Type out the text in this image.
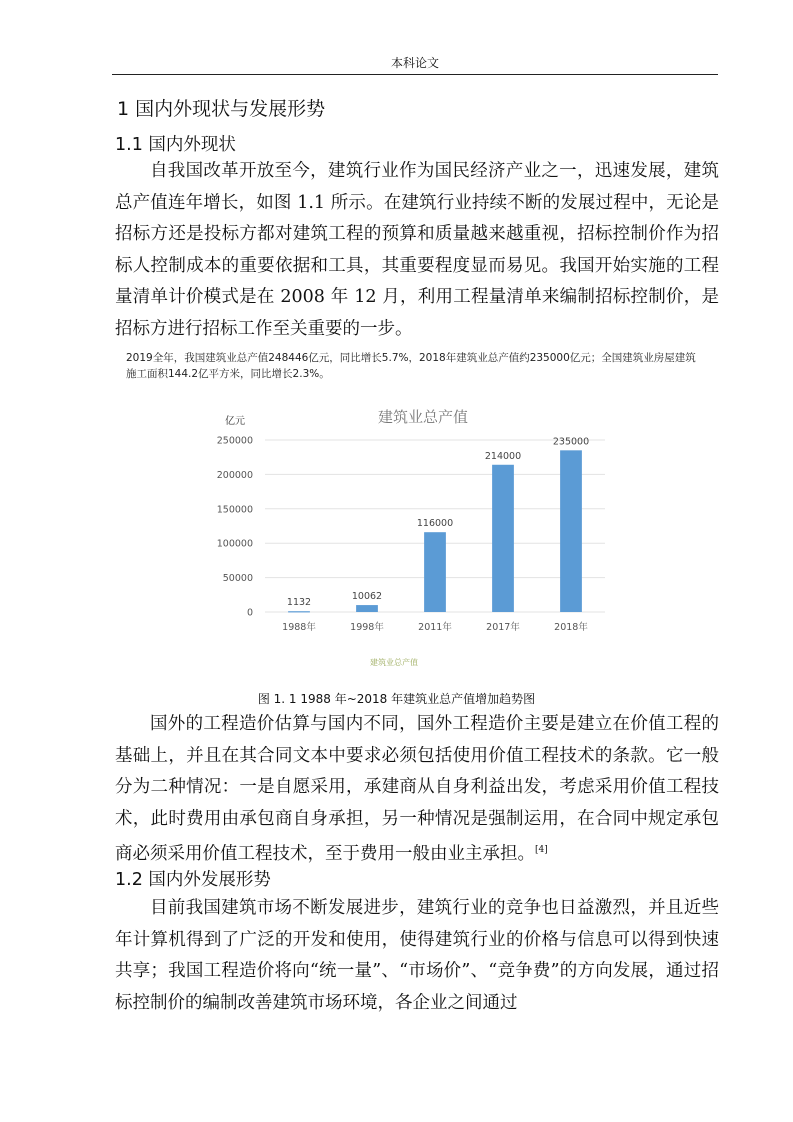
本科论文
1 国内外现状与发展形势
1.1 国内外现状

自我国改革开放至今，建筑行业作为国民经济产业之一，迅速发展，建筑总产值连年增长，如图 1.1 所示。在建筑行业持续不断的发展过程中，无论是招标方还是投标方都对建筑工程的预算和质量越来越重视，招标控制价作为招标人控制成本的重要依据和工具，其重要程度显而易见。我国开始实施的工程量清单计价模式是在 2008 年 12 月，利用工程量清单来编制招标控制价，是招标方进行招标工作至关重要的一步。

2019全年，我国建筑业总产值248446亿元，同比增长5.7%，2018年建筑业总产值约235000亿元；全国建筑业房屋建筑施工面积144.2亿平方米，同比增长2.3%。

建筑业总产值
亿元
0
50000
100000
150000
200000
250000
1132
10062
116000
214000
235000
1988年	1998年	2011年	2017年	2018年
建筑业总产值
图 1. 1 1988 年~2018 年建筑业总产值增加趋势图

国外的工程造价估算与国内不同，国外工程造价主要是建立在价值工程的基础上，并且在其合同文本中要求必须包括使用价值工程技术的条款。它一般分为二种情况：一是自愿采用，承建商从自身利益出发，考虑采用价值工程技术，此时费用由承包商自身承担，另一种情况是强制运用，在合同中规定承包商必须采用价值工程技术，至于费用一般由业主承担。[4]

1.2 国内外发展形势

目前我国建筑市场不断发展进步，建筑行业的竞争也日益激烈，并且近些年计算机得到了广泛的开发和使用，使得建筑行业的价格与信息可以得到快速共享；我国工程造价将向“统一量”、“市场价”、“竞争费”的方向发展，通过招标控制价的编制改善建筑市场环境，各企业之间通过
